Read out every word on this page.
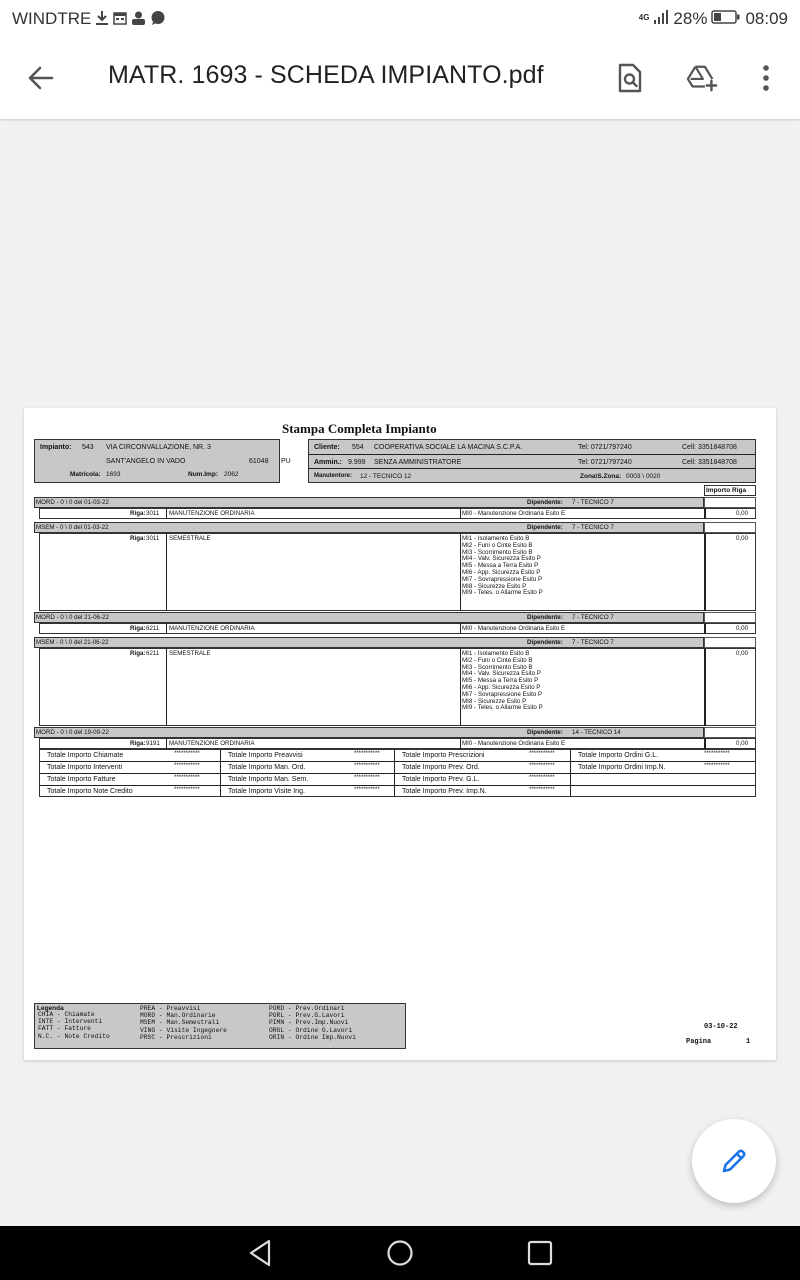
WINDTRE	4G 28% 08:09
MATR. 1693 - SCHEDA IMPIANTO.pdf
Stampa Completa Impianto
Impianto: 543 VIA CIRCONVALLAZIONE, NR. 3
SANT'ANGELO IN VADO	61048 PU
Matricola: 1693	Num.Imp: 2062
Cliente: 554 COOPERATIVA SOCIALE LA MACINA S.C.P.A.	Tel: 0721/797240	Cell: 3351848708
Ammin.: 9.999 SENZA AMMINISTRATORE	Tel: 0721/797240	Cell: 3351848708
Manutentore: 12 - TECNICO 12	Zona\S.Zona: 0003 \ 0020
Importo Riga
MORD - 0 \ 0 del 01-03-22	Dipendente: 7 - TECNICO 7
Riga: 3011 MANUTENZIONE ORDINARIA	MI0 - Manutenzione Ordinaria Esito E	0,00
MSEM - 0 \ 0 del 01-03-22	Dipendente: 7 - TECNICO 7
Riga: 3011 SEMESTRALE	MI1 - Isolamento Esito B
MI2 - Funi o Cinte Esito B
MI3 - Scorrimento Esito B
MI4 - Valv. Sicurezza Esito P
MI5 - Messa a Terra Esito P
MI6 - App. Sicurezza Esito P
MI7 - Sovrapressione Esito P
MI8 - Sicurezze Esito P
MI9 - Teles. o Allarme Esito P
0,00
MORD - 0 \ 0 del 21-06-22	Dipendente: 7 - TECNICO 7
Riga: 6211 MANUTENZIONE ORDINARIA	MI0 - Manutenzione Ordinaria Esito E	0,00
MSEM - 0 \ 0 del 21-06-22	Dipendente: 7 - TECNICO 7
Riga: 6211 SEMESTRALE	MI1 - Isolamento Esito B
MI2 - Funi o Cinte Esito B
MI3 - Scorrimento Esito B
MI4 - Valv. Sicurezza Esito P
MI5 - Messa a Terra Esito P
MI6 - App. Sicurezza Esito P
MI7 - Sovrapressione Esito P
MI8 - Sicurezze Esito P
MI9 - Teles. o Allarme Esito P
0,00
MORD - 0 \ 0 del 19-09-22	Dipendente: 14 - TECNICO 14
Riga: 9191 MANUTENZIONE ORDINARIA	MI0 - Manutenzione Ordinaria Esito E	0,00
Totale Importo Chiamate	***********	Totale Importo Preavvisi	***********	Totale Importo Prescrizioni	***********	Totale Importo Ordini G.L.	***********
Totale Importo Interventi	***********	Totale Importo Man. Ord.	***********	Totale Importo Prev. Ord.	***********	Totale Importo Ordini Imp.N.	***********
Totale Importo Fatture	***********	Totale Importo Man. Sem.	***********	Totale Importo Prev. G.L.	***********
Totale Importo Note Credito	***********	Totale Importo Visite Ing.	***********	Totale Importo Prev. Imp.N.	***********
Legenda
CHIA - Chiamate
INTE - Interventi
FATT - Fatture
N.C. - Note Credito
PREA - Preavvisi
MORD - Man.Ordinarie
MSEM - Man.Semestrali
VING - Visite Ingegnere
PRSC - Prescrizioni
PORD - Prev.Ordinari
PGRL - Prev.G.Lavori
PIMN - Prev.Imp.Nuovi
ORGL - Ordine G.Lavori
ORIN - Ordine Imp.Nuovi
03-10-22
Pagina	1
